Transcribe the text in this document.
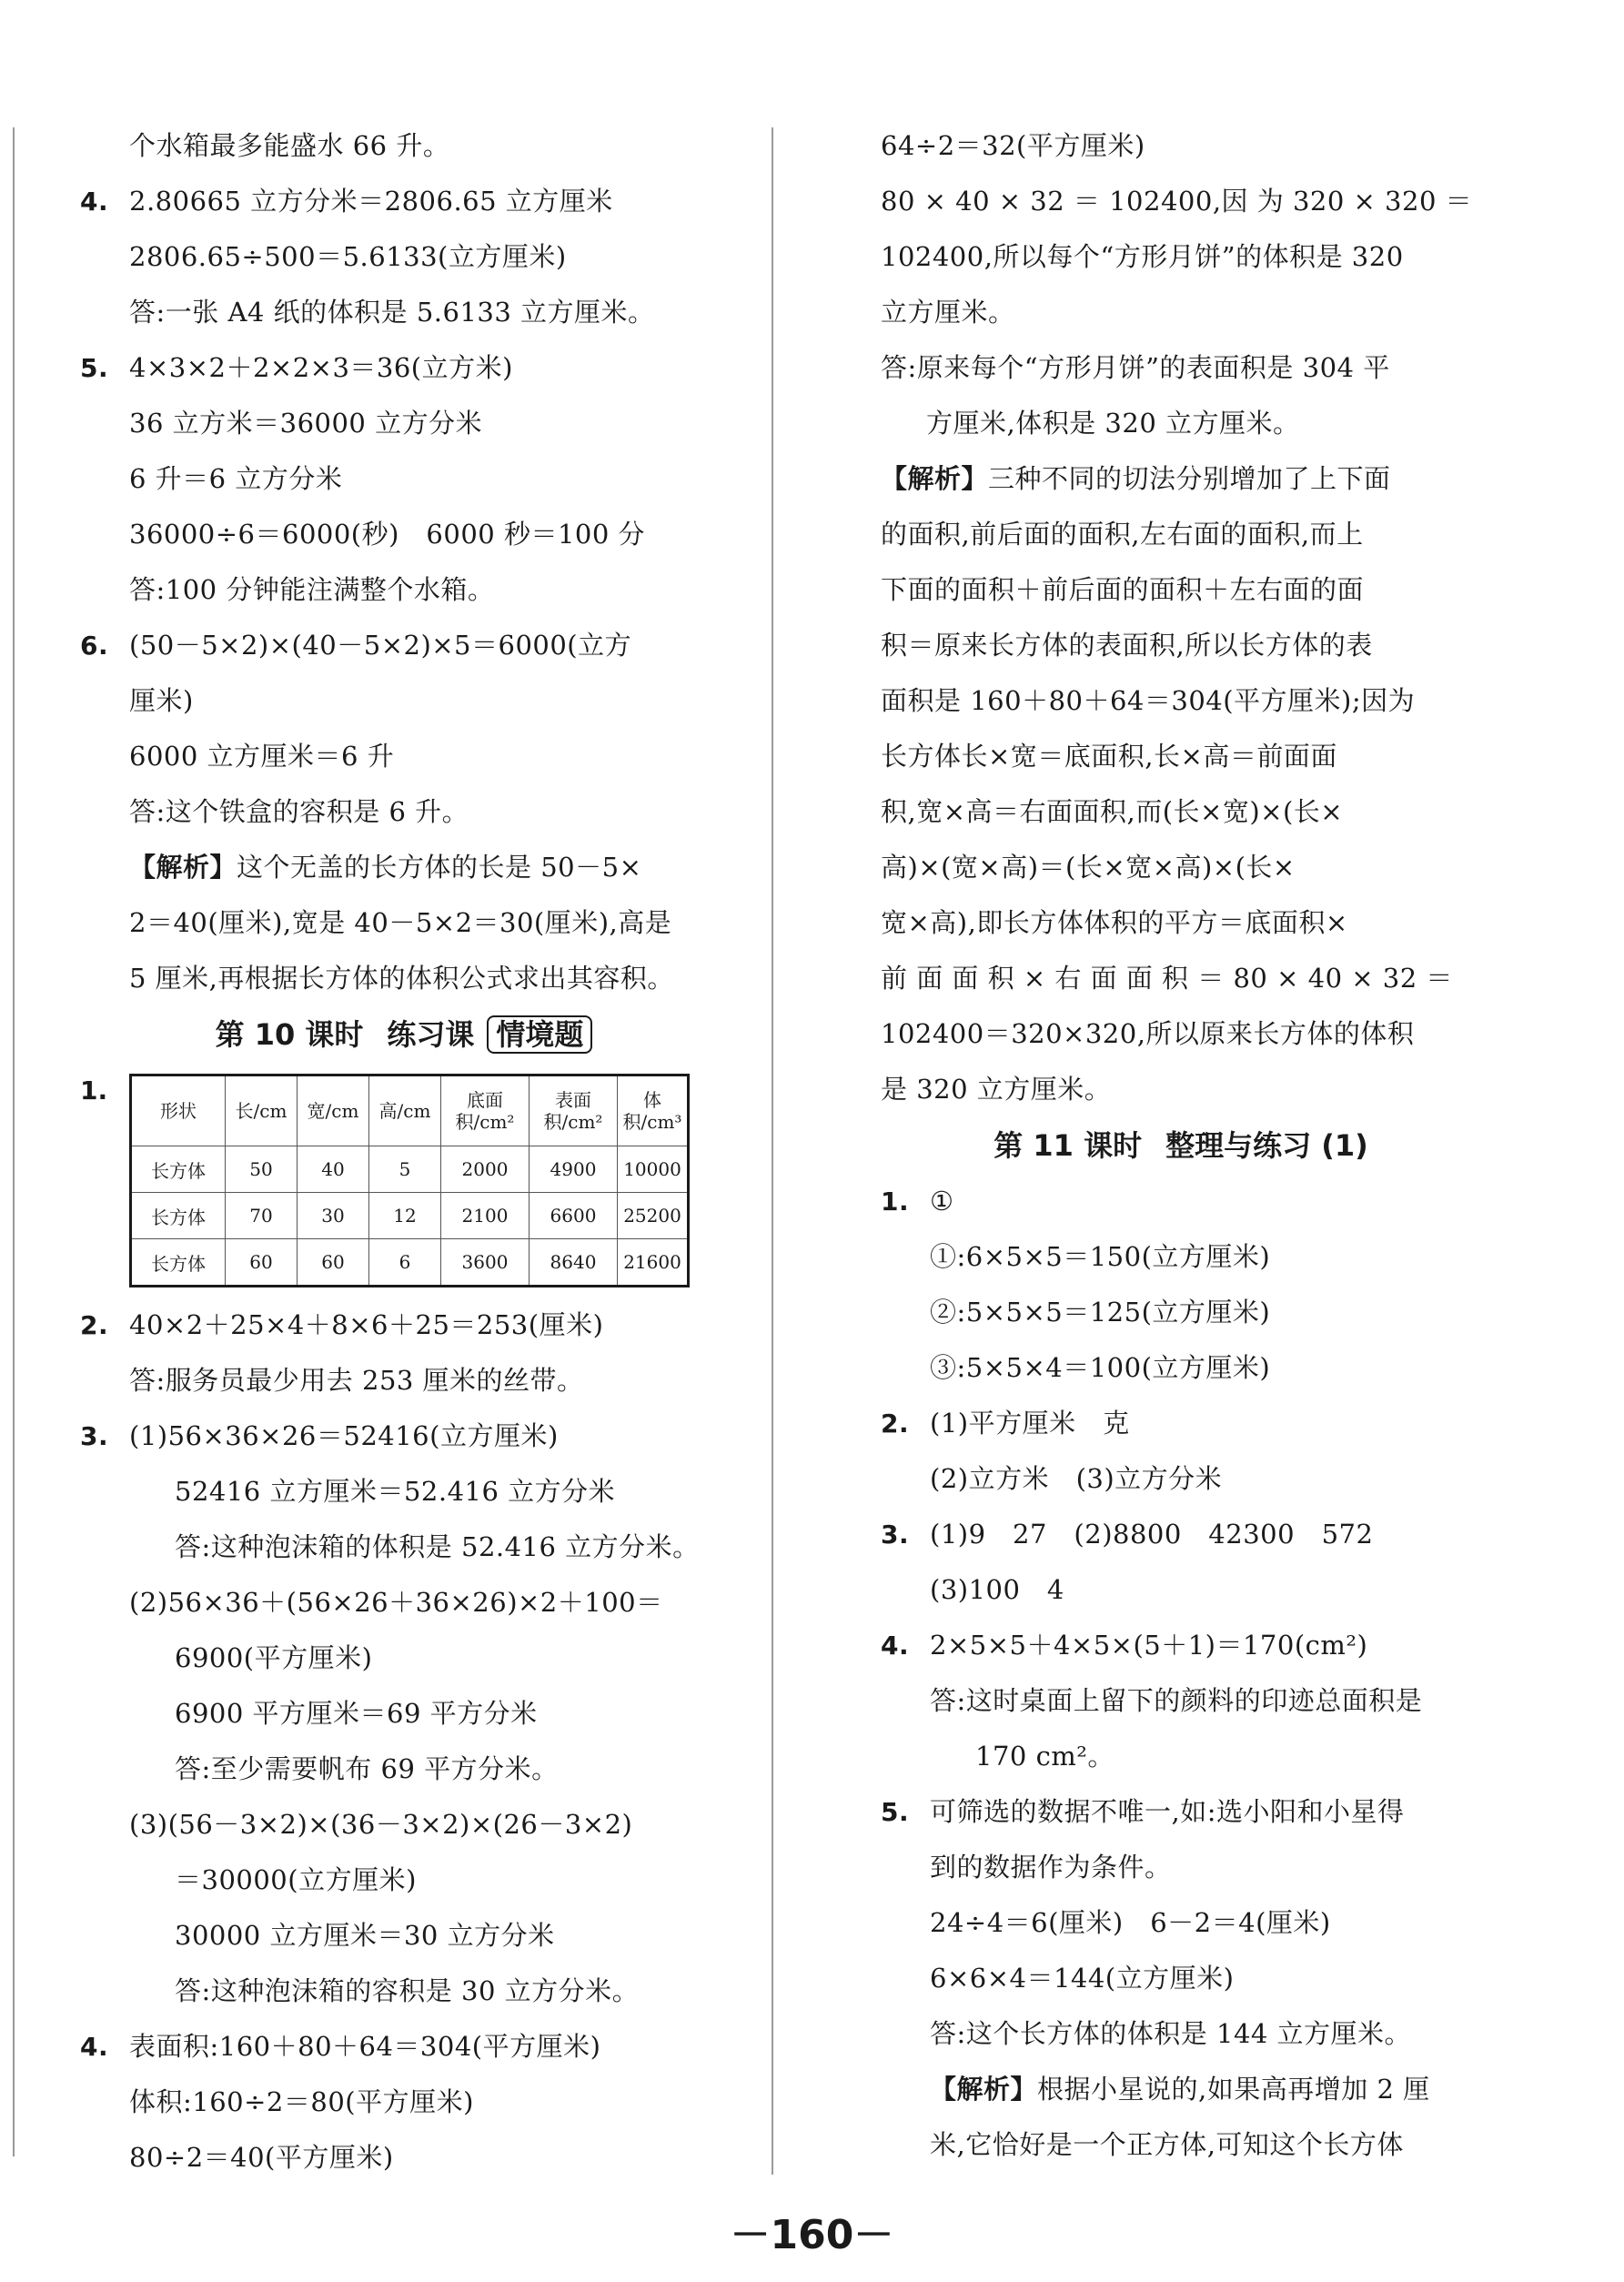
个水箱最多能盛水 66 升。
4. 2.80665 立方分米＝2806.65 立方厘米
2806.65÷500＝5.6133(立方厘米)
答:一张 A4 纸的体积是 5.6133 立方厘米。
5. 4×3×2＋2×2×3＝36(立方米)
36 立方米＝36000 立方分米
6 升＝6 立方分米
36000÷6＝6000(秒)　6000 秒＝100 分
答:100 分钟能注满整个水箱。
6. (50－5×2)×(40－5×2)×5＝6000(立方
厘米)
6000 立方厘米＝6 升
答:这个铁盒的容积是 6 升。
【解析】这个无盖的长方体的长是 50－5×
2＝40(厘米),宽是 40－5×2＝30(厘米),高是
5 厘米,再根据长方体的体积公式求出其容积。
第 10 课时 练习课 情境题
1.
形状	长/cm	宽/cm	高/cm	底面积/cm²	表面积/cm²	体积/cm³
长方体	50	40	5	2000	4900	10000
长方体	70	30	12	2100	6600	25200
长方体	60	60	6	3600	8640	21600
2. 40×2＋25×4＋8×6＋25＝253(厘米)
答:服务员最少用去 253 厘米的丝带。
3. (1)56×36×26＝52416(立方厘米)
52416 立方厘米＝52.416 立方分米
答:这种泡沫箱的体积是 52.416 立方分米。
(2)56×36＋(56×26＋36×26)×2＋100＝
6900(平方厘米)
6900 平方厘米＝69 平方分米
答:至少需要帆布 69 平方分米。
(3)(56－3×2)×(36－3×2)×(26－3×2)
＝30000(立方厘米)
30000 立方厘米＝30 立方分米
答:这种泡沫箱的容积是 30 立方分米。
4. 表面积:160＋80＋64＝304(平方厘米)
体积:160÷2＝80(平方厘米)
80÷2＝40(平方厘米)
64÷2＝32(平方厘米)
80 × 40 × 32 ＝ 102400,因 为 320 × 320 ＝
102400,所以每个“方形月饼”的体积是 320
立方厘米。
答:原来每个“方形月饼”的表面积是 304 平
方厘米,体积是 320 立方厘米。
【解析】三种不同的切法分别增加了上下面
的面积,前后面的面积,左右面的面积,而上
下面的面积＋前后面的面积＋左右面的面
积＝原来长方体的表面积,所以长方体的表
面积是 160＋80＋64＝304(平方厘米);因为
长方体长×宽＝底面积,长×高＝前面面
积,宽×高＝右面面积,而(长×宽)×(长×
高)×(宽×高)＝(长×宽×高)×(长×
宽×高),即长方体体积的平方＝底面积×
前 面 面 积 × 右 面 面 积 ＝ 80 × 40 × 32 ＝
102400＝320×320,所以原来长方体的体积
是 320 立方厘米。
第 11 课时 整理与练习 (1)
1. ①
①:6×5×5＝150(立方厘米)
②:5×5×5＝125(立方厘米)
③:5×5×4＝100(立方厘米)
2. (1)平方厘米　克
(2)立方米　(3)立方分米
3. (1)9　27　(2)8800　42300　572
(3)100　4
4. 2×5×5＋4×5×(5＋1)＝170(cm²)
答:这时桌面上留下的颜料的印迹总面积是
170 cm²。
5. 可筛选的数据不唯一,如:选小阳和小星得
到的数据作为条件。
24÷4＝6(厘米)　6－2＝4(厘米)
6×6×4＝144(立方厘米)
答:这个长方体的体积是 144 立方厘米。
【解析】根据小星说的,如果高再增加 2 厘
米,它恰好是一个正方体,可知这个长方体
－160－
